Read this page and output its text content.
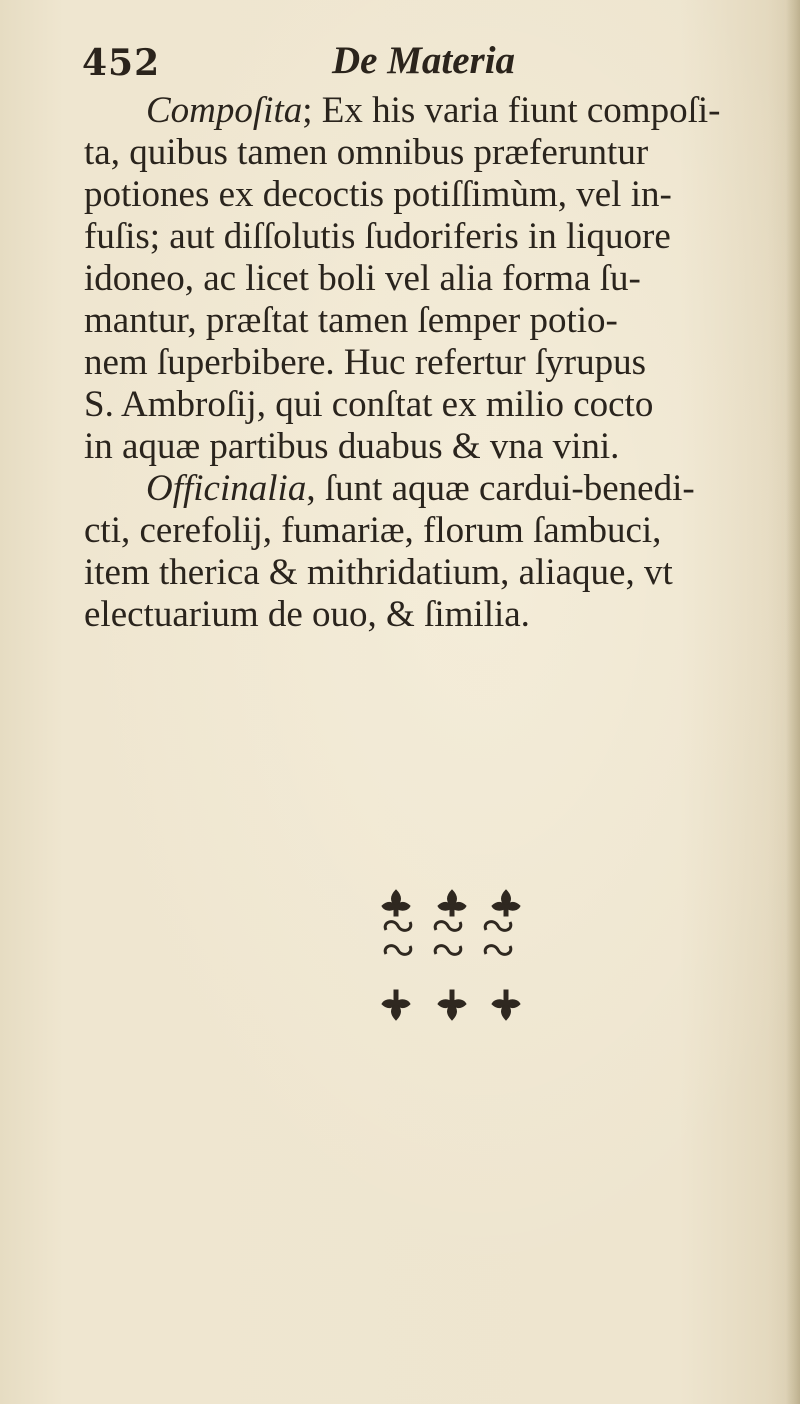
452	De Materia
Compoſita; Ex his varia fiunt compoſi-
ta, quibus tamen omnibus præferuntur
potiones ex decoctis potiſſimùm, vel in-
fuſis; aut diſſolutis ſudoriferis in liquore
idoneo, ac licet boli vel alia forma ſu-
mantur, præſtat tamen ſemper potio-
nem ſuperbibere. Huc refertur ſyrupus
S. Ambroſij, qui conſtat ex milio cocto
in aquæ partibus duabus & vna vini.
Officinalia, ſunt aquæ cardui-benedi-
cti, cerefolij, fumariæ, florum ſambuci,
item therica & mithridatium, aliaque, vt
electuarium de ouo, & ſimilia.
